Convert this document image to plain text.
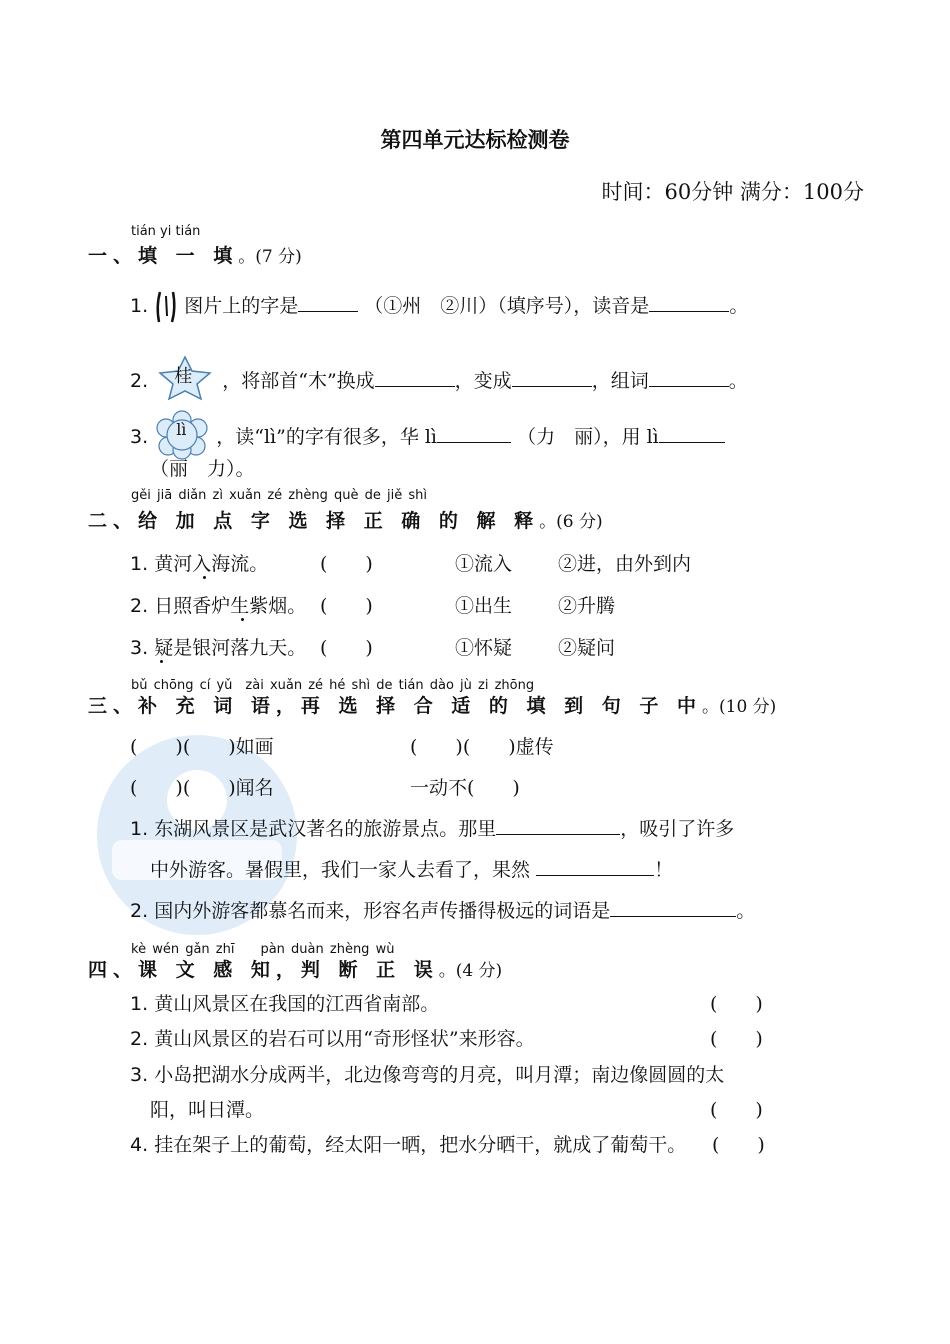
第四单元达标检测卷
时间：60分钟 满分：100分
tián yi tián
一、填 一 填。(7 分)
1. 图片上的字是	（①州　②川）（填序号），读音是	。
2. 桂 ，将部首“木”换成	，变成	，组词	。
3. lì ，读“lì”的字有很多，华 lì	（力　丽），用 lì
（丽　力）。
gěi jiā diǎn zì xuǎn zé zhèng què de jiě shì
二、给 加 点 字 选 择 正 确 的 解 释。(6 分)
1. 黄河入海流。	(　　)	①流入 ②进，由外到内
2. 日照香炉生紫烟。 (　　)	①出生 ②升腾
3. 疑是银河落九天。 (　　)	①怀疑 ②疑问
bǔ chōng cí yǔ　zài xuǎn zé hé shì de tián dào jù zi zhōng
三、补 充 词 语，再 选 择 合 适 的 填 到 句 子 中。(10 分)
(　　)(　　)如画	(　　)(　　)虚传
(　　)(　　)闻名	一动不(　　)
1. 东湖风景区是武汉著名的旅游景点。那里	，吸引了许多
中外游客。暑假里，我们一家人去看了，果然	！
2. 国内外游客都慕名而来，形容名声传播得极远的词语是	。
kè wén gǎn zhī　　pàn duàn zhèng wù
四、课 文 感 知，判 断 正 误。(4 分)
1. 黄山风景区在我国的江西省南部。	(　　)
2. 黄山风景区的岩石可以用“奇形怪状”来形容。	(　　)
3. 小岛把湖水分成两半，北边像弯弯的月亮，叫月潭；南边像圆圆的太
阳，叫日潭。	(　　)
4. 挂在架子上的葡萄，经太阳一晒，把水分晒干，就成了葡萄干。 (　　)
